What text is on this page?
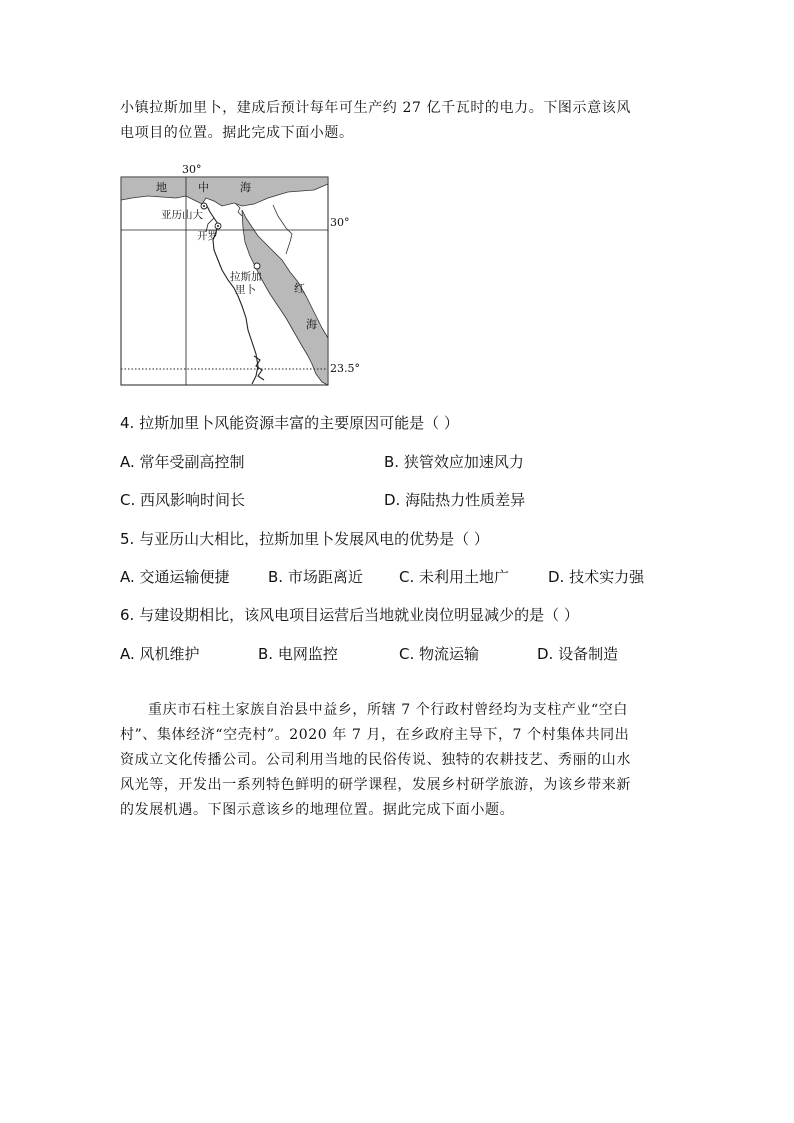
小镇拉斯加里卜，建成后预计每年可生产约 27 亿千瓦时的电力。下图示意该风
电项目的位置。据此完成下面小题。
30°
30°
23.5°
地	中	海
亚历山大
开罗
拉斯加
里卜	红
海
4. 拉斯加里卜风能资源丰富的主要原因可能是（ ）
A. 常年受副高控制	B. 狭管效应加速风力
C. 西风影响时间长	D. 海陆热力性质差异
5. 与亚历山大相比，拉斯加里卜发展风电的优势是（ ）
A. 交通运输便捷	B. 市场距离近 C. 未利用土地广	D. 技术实力强
6. 与建设期相比，该风电项目运营后当地就业岗位明显减少的是（ ）
A. 风机维护	B. 电网监控	C. 物流运输	D. 设备制造
重庆市石柱土家族自治县中益乡，所辖 7 个行政村曾经均为支柱产业“空白
村”、集体经济“空壳村”。2020 年 7 月，在乡政府主导下，7 个村集体共同出
资成立文化传播公司。公司利用当地的民俗传说、独特的农耕技艺、秀丽的山水
风光等，开发出一系列特色鲜明的研学课程，发展乡村研学旅游，为该乡带来新
的发展机遇。下图示意该乡的地理位置。据此完成下面小题。
